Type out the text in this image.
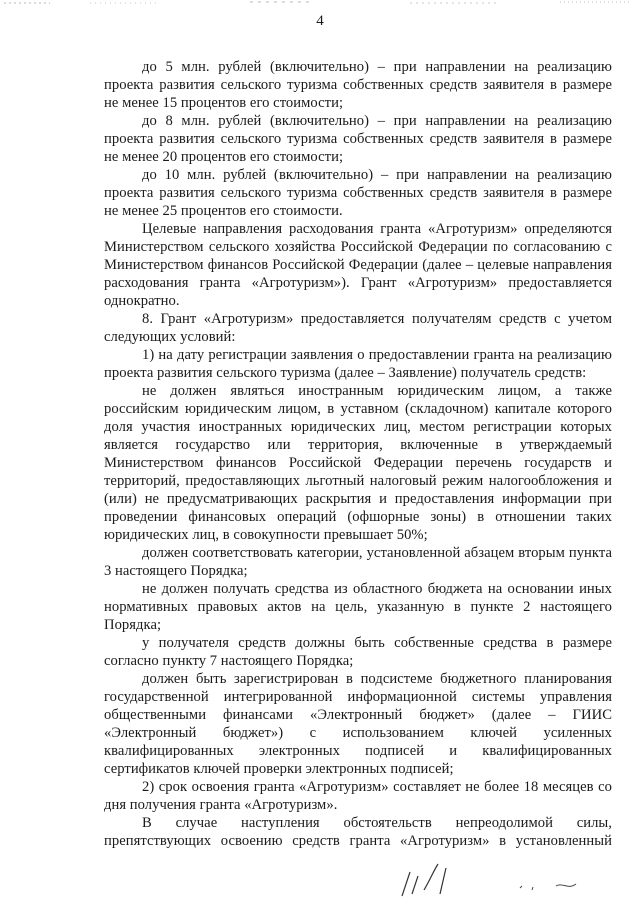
4

до 5 млн. рублей (включительно) – при направлении на реализацию проекта развития сельского туризма собственных средств заявителя в размере не менее 15 процентов его стоимости;

до 8 млн. рублей (включительно) – при направлении на реализацию проекта развития сельского туризма собственных средств заявителя в размере не менее 20 процентов его стоимости;

до 10 млн. рублей (включительно) – при направлении на реализацию проекта развития сельского туризма собственных средств заявителя в размере не менее 25 процентов его стоимости.

Целевые направления расходования гранта «Агротуризм» определяются Министерством сельского хозяйства Российской Федерации по согласованию с Министерством финансов Российской Федерации (далее – целевые направления расходования гранта «Агротуризм»). Грант «Агротуризм» предоставляется однократно.

8. Грант «Агротуризм» предоставляется получателям средств с учетом следующих условий:

1) на дату регистрации заявления о предоставлении гранта на реализацию проекта развития сельского туризма (далее – Заявление) получатель средств:

не должен являться иностранным юридическим лицом, а также российским юридическим лицом, в уставном (складочном) капитале которого доля участия иностранных юридических лиц, местом регистрации которых является государство или территория, включенные в утверждаемый Министерством финансов Российской Федерации перечень государств и территорий, предоставляющих льготный налоговый режим налогообложения и (или) не предусматривающих раскрытия и предоставления информации при проведении финансовых операций (офшорные зоны) в отношении таких юридических лиц, в совокупности превышает 50%;

должен соответствовать категории, установленной абзацем вторым пункта 3 настоящего Порядка;

не должен получать средства из областного бюджета на основании иных нормативных правовых актов на цель, указанную в пункте 2 настоящего Порядка;

у получателя средств должны быть собственные средства в размере согласно пункту 7 настоящего Порядка;

должен быть зарегистрирован в подсистеме бюджетного планирования государственной интегрированной информационной системы управления общественными финансами «Электронный бюджет» (далее – ГИИС «Электронный бюджет») с использованием ключей усиленных квалифицированных электронных подписей и квалифицированных сертификатов ключей проверки электронных подписей;

2) срок освоения гранта «Агротуризм» составляет не более 18 месяцев со дня получения гранта «Агротуризм».

В случае наступления обстоятельств непреодолимой силы, препятствующих освоению средств гранта «Агротуризм» в установленный
